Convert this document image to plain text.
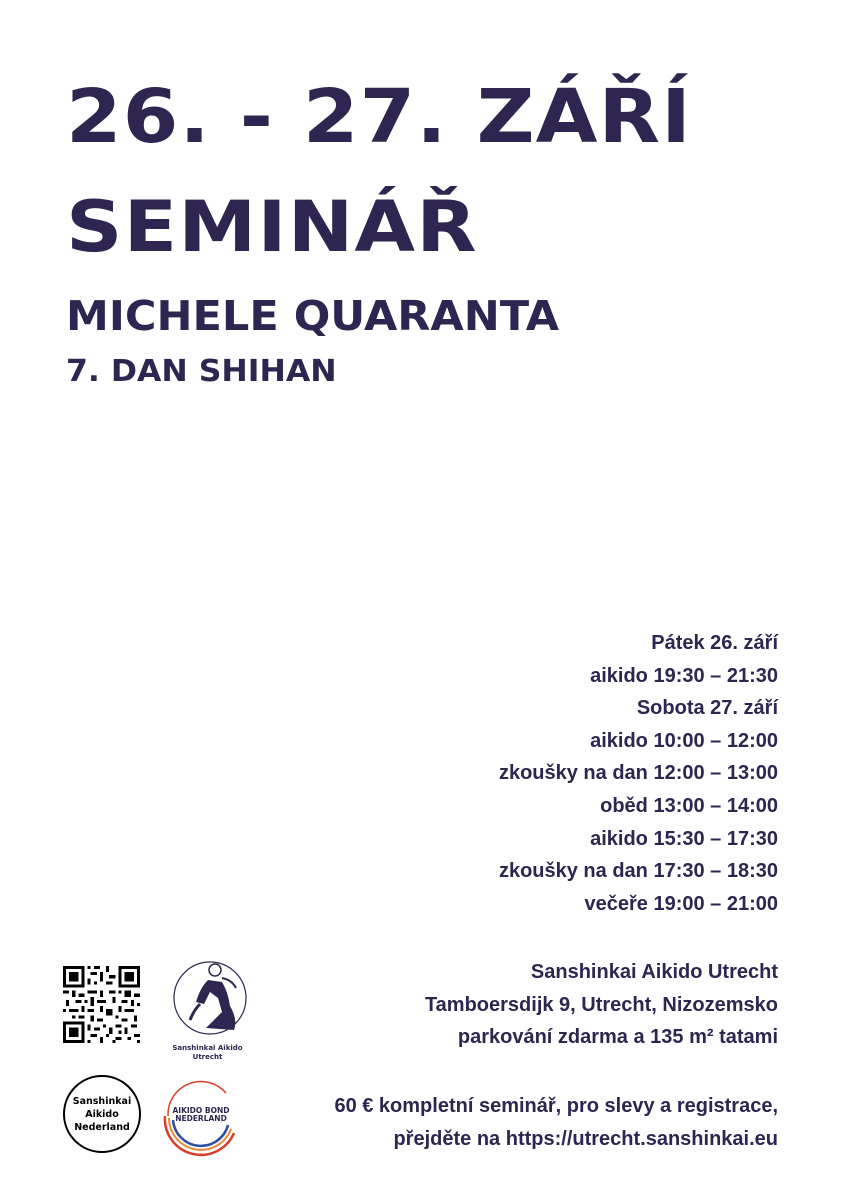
26. - 27. ZÁŘÍ
SEMINÁŘ
MICHELE QUARANTA
7. DAN SHIHAN
Pátek 26. září
aikido 19:30 – 21:30
Sobota 27. září
aikido 10:00 – 12:00
zkoušky na dan 12:00 – 13:00
oběd 13:00 – 14:00
aikido 15:30 – 17:30
zkoušky na dan 17:30 – 18:30
večeře 19:00 – 21:00
Sanshinkai Aikido Utrecht
Tamboersdijk 9, Utrecht, Nizozemsko
parkování zdarma a 135 m² tatami
60 € kompletní seminář, pro slevy a registrace,
přejděte na https://utrecht.sanshinkai.eu
Sanshinkai Aikido
Utrecht
Sanshinkai
Aikido
Nederland
AIKIDO BOND
NEDERLAND
